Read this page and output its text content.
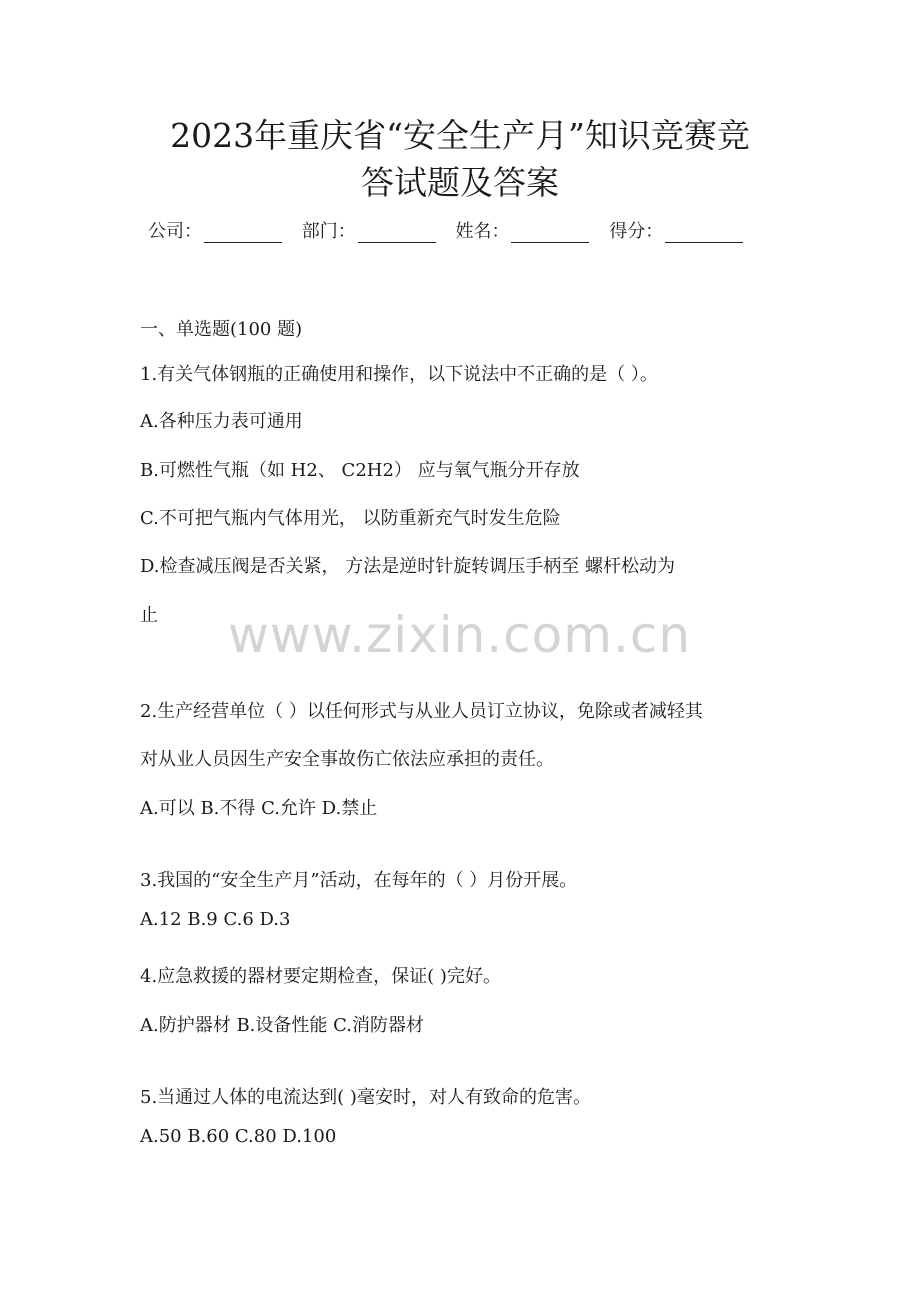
2023年重庆省“安全生产月”知识竞赛竞
答试题及答案
公司：	部门：	姓名：	得分：
一、单选题(100 题)
1.有关气体钢瓶的正确使用和操作，以下说法中不正确的是（ ）。
A.各种压力表可通用
B.可燃性气瓶（如 H2、 C2H2） 应与氧气瓶分开存放
C.不可把气瓶内气体用光， 以防重新充气时发生危险
D.检查减压阀是否关紧， 方法是逆时针旋转调压手柄至 螺杆松动为
止	www.zixin.com.cn
2.生产经营单位（ ）以任何形式与从业人员订立协议，免除或者减轻其
对从业人员因生产安全事故伤亡依法应承担的责任。
A.可以 B.不得 C.允许 D.禁止
3.我国的“安全生产月”活动，在每年的（ ）月份开展。
A.12 B.9 C.6 D.3
4.应急救援的器材要定期检查，保证( )完好。
A.防护器材 B.设备性能 C.消防器材
5.当通过人体的电流达到( )毫安时，对人有致命的危害。
A.50 B.60 C.80 D.100
